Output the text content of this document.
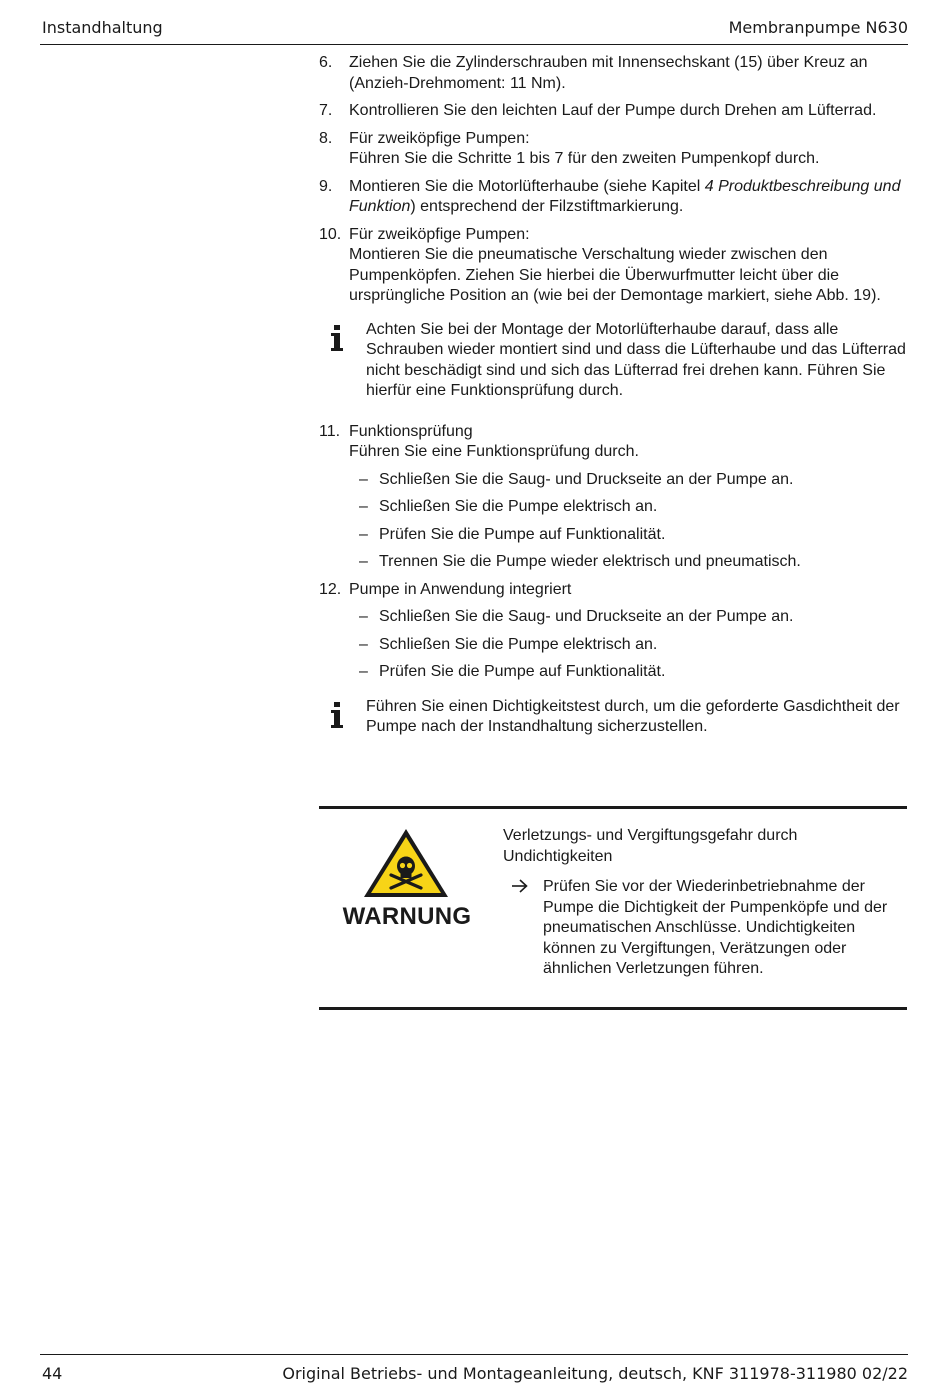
Instandhaltung	Membranpumpe N630
6. Ziehen Sie die Zylinderschrauben mit Innensechskant (15) über Kreuz an (Anzieh-Drehmoment: 11 Nm).
7. Kontrollieren Sie den leichten Lauf der Pumpe durch Drehen am Lüfterrad.
8. Für zweiköpfige Pumpen:
Führen Sie die Schritte 1 bis 7 für den zweiten Pumpenkopf durch.
9. Montieren Sie die Motorlüfterhaube (siehe Kapitel 4 Produktbeschreibung und Funktion) entsprechend der Filzstiftmarkierung.
10. Für zweiköpfige Pumpen:
Montieren Sie die pneumatische Verschaltung wieder zwischen den Pumpenköpfen. Ziehen Sie hierbei die Überwurfmutter leicht über die ursprüngliche Position an (wie bei der Demontage markiert, siehe Abb. 19).
Achten Sie bei der Montage der Motorlüfterhaube darauf, dass alle Schrauben wieder montiert sind und dass die Lüfterhaube und das Lüfterrad nicht beschädigt sind und sich das Lüfterrad frei drehen kann. Führen Sie hierfür eine Funktionsprüfung durch.
11. Funktionsprüfung
Führen Sie eine Funktionsprüfung durch.
– Schließen Sie die Saug- und Druckseite an der Pumpe an.
– Schließen Sie die Pumpe elektrisch an.
– Prüfen Sie die Pumpe auf Funktionalität.
– Trennen Sie die Pumpe wieder elektrisch und pneumatisch.
12. Pumpe in Anwendung integriert
– Schließen Sie die Saug- und Druckseite an der Pumpe an.
– Schließen Sie die Pumpe elektrisch an.
– Prüfen Sie die Pumpe auf Funktionalität.
Führen Sie einen Dichtigkeitstest durch, um die geforderte Gasdichtheit der Pumpe nach der Instandhaltung sicherzustellen.
WARNUNG
Verletzungs- und Vergiftungsgefahr durch Undichtigkeiten
Prüfen Sie vor der Wiederinbetriebnahme der Pumpe die Dichtigkeit der Pumpenköpfe und der pneumatischen Anschlüsse. Undichtigkeiten können zu Vergiftungen, Verätzungen oder ähnlichen Verletzungen führen.
44	Original Betriebs- und Montageanleitung, deutsch, KNF 311978-311980 02/22
